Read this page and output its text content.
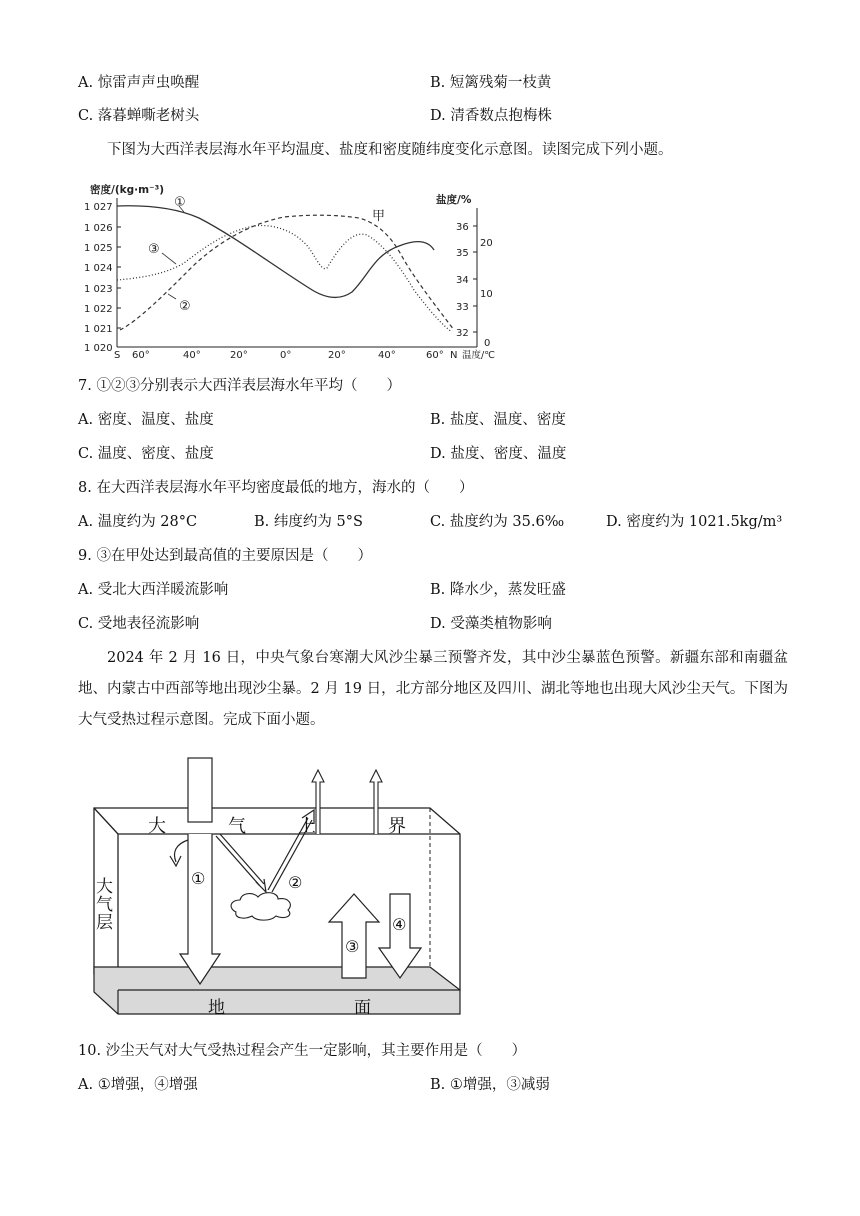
A. 惊雷声声虫唤醒	B. 短篱残菊一枝黄
C. 落暮蝉嘶老树头	D. 清香数点抱梅株
下图为大西洋表层海水年平均温度、盐度和密度随纬度变化示意图。读图完成下列小题。
密度/(kg·m⁻³)
1 027
1 026
1 025
1 024
1 023
1 022
1 021
1 020
盐度/%
36
35
34
33
32
20
10
0
温度/℃
S 60°	40°	20°	0°	20°	40°	60° N
①
③
②
甲
7. ①②③分别表示大西洋表层海水年平均（　　）
A. 密度、温度、盐度	B. 盐度、温度、密度
C. 温度、密度、盐度	D. 盐度、密度、温度
8. 在大西洋表层海水年平均密度最低的地方，海水的（　　）
A. 温度约为 28°C	B. 纬度约为 5°S	C. 盐度约为 35.6‰	D. 密度约为 1021.5kg/m³
9. ③在甲处达到最高值的主要原因是（　　）
A. 受北大西洋暖流影响	B. 降水少，蒸发旺盛
C. 受地表径流影响	D. 受藻类植物影响
2024 年 2 月 16 日，中央气象台寒潮大风沙尘暴三预警齐发，其中沙尘暴蓝色预警。新疆东部和南疆盆地、内蒙古中西部等地出现沙尘暴。2 月 19 日，北方部分地区及四川、湖北等地也出现大风沙尘天气。下图为大气受热过程示意图。完成下面小题。
大	气	上	界
地	面
①	②
③
④
大
气
层
10. 沙尘天气对大气受热过程会产生一定影响，其主要作用是（　　）
A. ①增强，④增强	B. ①增强，③减弱
